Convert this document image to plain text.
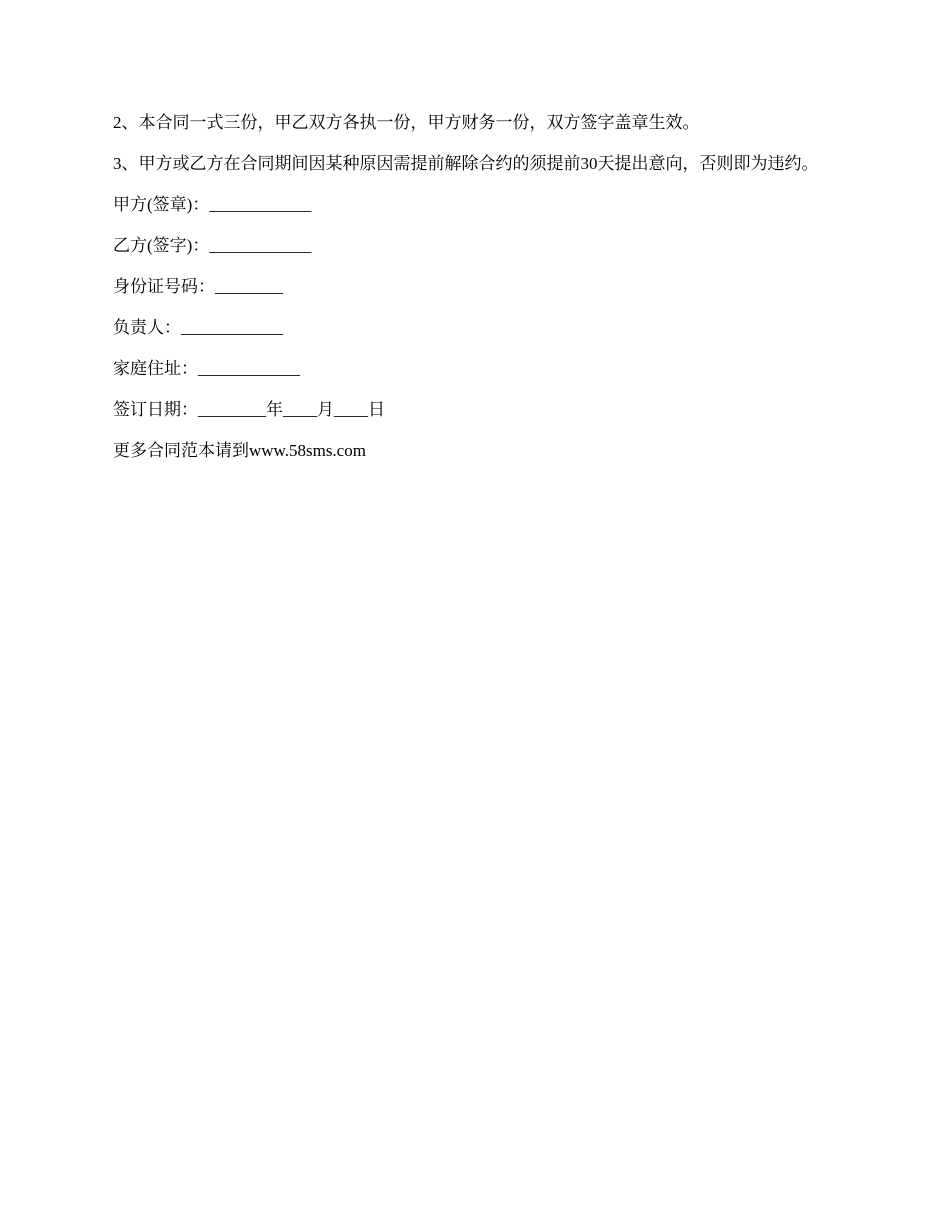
2、本合同一式三份，甲乙双方各执一份，甲方财务一份，双方签字盖章生效。

3、甲方或乙方在合同期间因某种原因需提前解除合约的须提前30天提出意向，否则即为违约。

甲方(签章)：____________

乙方(签字)：____________

身份证号码：________

负责人：____________

家庭住址：____________

签订日期：________年____月____日

更多合同范本请到www.58sms.com
